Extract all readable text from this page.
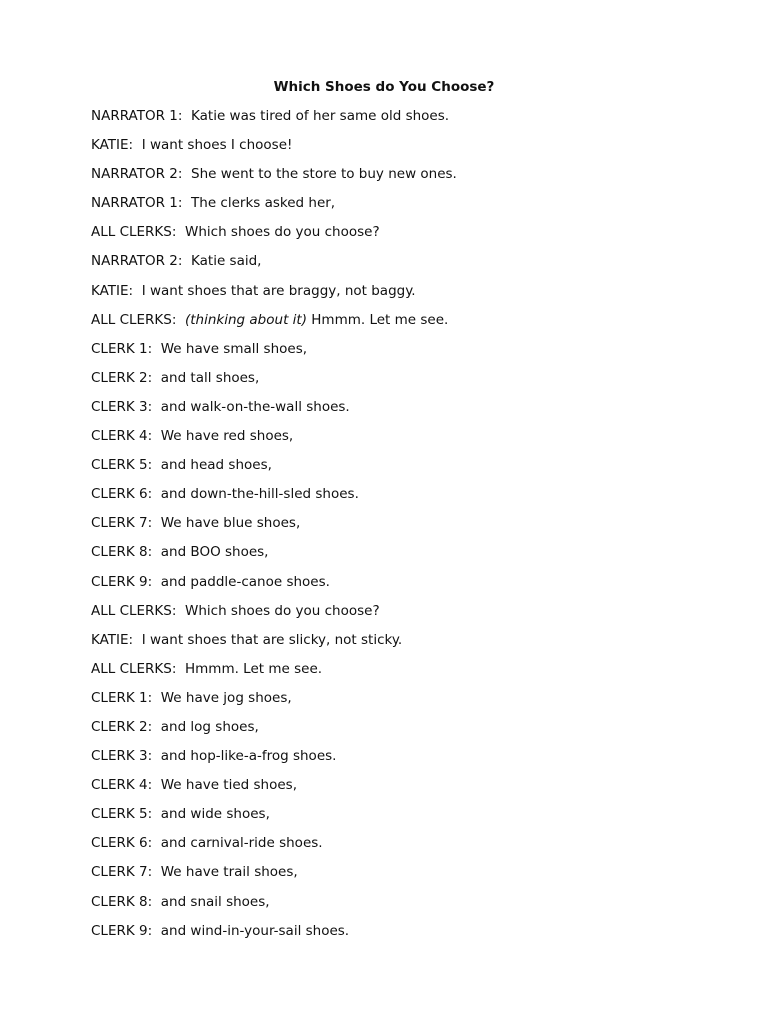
Which Shoes do You Choose?
NARRATOR 1: Katie was tired of her same old shoes.
KATIE: I want shoes I choose!
NARRATOR 2: She went to the store to buy new ones.
NARRATOR 1: The clerks asked her,
ALL CLERKS: Which shoes do you choose?
NARRATOR 2: Katie said,
KATIE: I want shoes that are braggy, not baggy.
ALL CLERKS: (thinking about it) Hmmm. Let me see.
CLERK 1: We have small shoes,
CLERK 2: and tall shoes,
CLERK 3: and walk-on-the-wall shoes.
CLERK 4: We have red shoes,
CLERK 5: and head shoes,
CLERK 6: and down-the-hill-sled shoes.
CLERK 7: We have blue shoes,
CLERK 8: and BOO shoes,
CLERK 9: and paddle-canoe shoes.
ALL CLERKS: Which shoes do you choose?
KATIE: I want shoes that are slicky, not sticky.
ALL CLERKS: Hmmm. Let me see.
CLERK 1: We have jog shoes,
CLERK 2: and log shoes,
CLERK 3: and hop-like-a-frog shoes.
CLERK 4: We have tied shoes,
CLERK 5: and wide shoes,
CLERK 6: and carnival-ride shoes.
CLERK 7: We have trail shoes,
CLERK 8: and snail shoes,
CLERK 9: and wind-in-your-sail shoes.
